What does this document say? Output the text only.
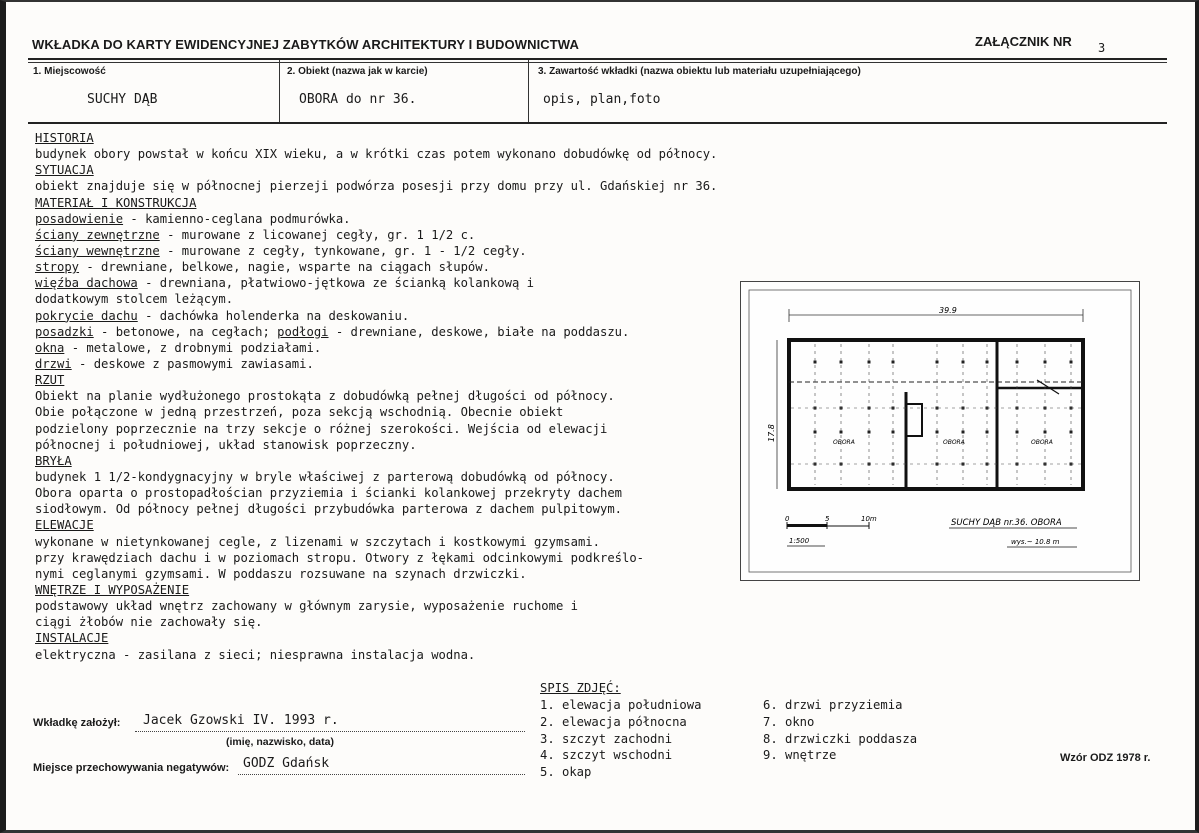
WKŁADKA DO KARTY EWIDENCYJNEJ ZABYTKÓW ARCHITEKTURY I BUDOWNICTWA	ZAŁĄCZNIK NR 3
1. Miejscowość
SUCHY DĄB
2. Obiekt (nazwa jak w karcie)
OBORA do nr 36.
3. Zawartość wkładki (nazwa obiektu lub materiału uzupełniającego)
opis, plan,foto
HISTORIA
budynek obory powstał w końcu XIX wieku, a w krótki czas potem wykonano dobudówkę od północy.
SYTUACJA
obiekt znajduje się w północnej pierzeji podwórza posesji przy domu przy ul. Gdańskiej nr 36.
MATERIAŁ I KONSTRUKCJA
posadowienie - kamienno-ceglana podmurówka.
ściany zewnętrzne - murowane z licowanej cegły, gr. 1 1/2 c.
ściany wewnętrzne - murowane z cegły, tynkowane, gr. 1 - 1/2 cegły.
stropy - drewniane, belkowe, nagie, wsparte na ciągach słupów.
więźba dachowa - drewniana, płatwiowo-jętkowa ze ścianką kolankową i
dodatkowym stolcem leżącym.
pokrycie dachu - dachówka holenderka na deskowaniu.
posadzki - betonowe, na cegłach; podłogi - drewniane, deskowe, białe na poddaszu.
okna - metalowe, z drobnymi podziałami.
drzwi - deskowe z pasmowymi zawiasami.
RZUT
Obiekt na planie wydłużonego prostokąta z dobudówką pełnej długości od północy.
Obie połączone w jedną przestrzeń, poza sekcją wschodnią. Obecnie obiekt
podzielony poprzecznie na trzy sekcje o różnej szerokości. Wejścia od elewacji
północnej i południowej, układ stanowisk poprzeczny.
BRYŁA
budynek 1 1/2-kondygnacyjny w bryle właściwej z parterową dobudówką od północy.
Obora oparta o prostopadłościan przyziemia i ścianki kolankowej przekryty dachem
siodłowym. Od północy pełnej długości przybudówka parterowa z dachem pulpitowym.
ELEWACJE
wykonane w nietynkowanej cegle, z lizenami w szczytach i kostkowymi gzymsami.
przy krawędziach dachu i w poziomach stropu. Otwory z łękami odcinkowymi podkreślo-
nymi ceglanymi gzymsami. W poddaszu rozsuwane na szynach drzwiczki.
WNĘTRZE I WYPOSAŻENIE
podstawowy układ wnętrz zachowany w głównym zarysie, wyposażenie ruchome i
ciągi żłobów nie zachowały się.
INSTALACJE
elektryczna - zasilana z sieci; niesprawna instalacja wodna.
39.9
17.8
OBORA	OBORA	OBORA
0	5	10m
1:500
SUCHY DĄB nr.36. OBORA
wys.~ 10.8 m
Wkładkę założył: Jacek Gzowski IV. 1993 r.
(imię, nazwisko, data)
Miejsce przechowywania negatywów: GODZ Gdańsk
SPIS ZDJĘĆ:
1. elewacja południowa
2. elewacja północna
3. szczyt zachodni
4. szczyt wschodni
5. okap
6. drzwi przyziemia
7. okno
8. drzwiczki poddasza
9. wnętrze	Wzór ODZ 1978 r.
